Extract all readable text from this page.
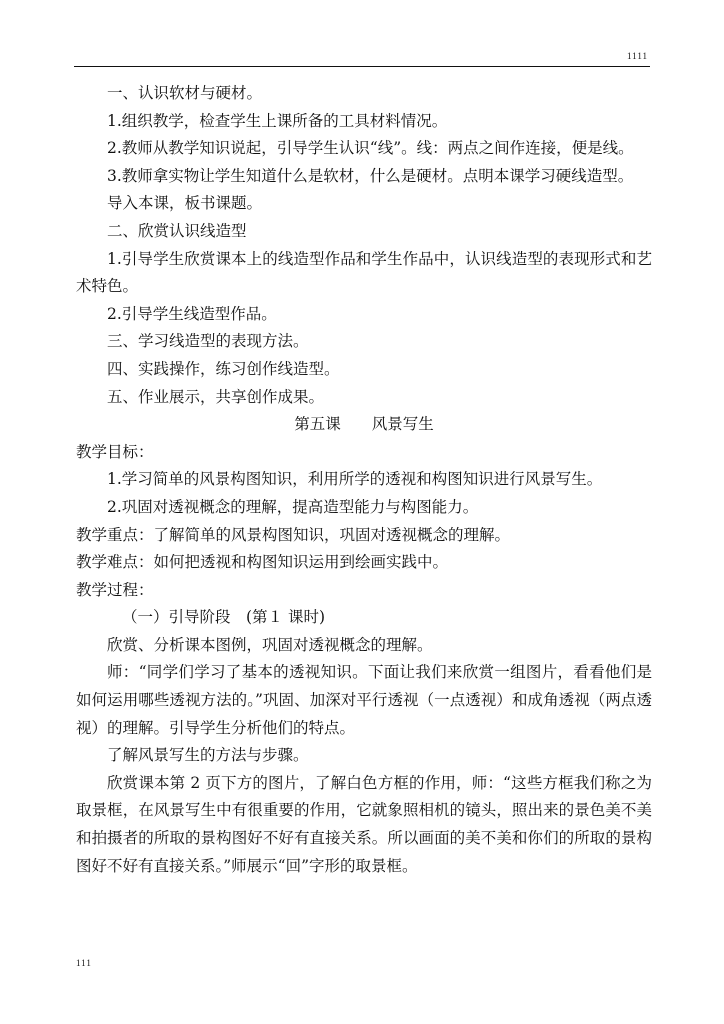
1111

一、认识软材与硬材。

1.组织教学，检查学生上课所备的工具材料情况。

2.教师从教学知识说起，引导学生认识“线”。线：两点之间作连接，便是线。

3.教师拿实物让学生知道什么是软材，什么是硬材。点明本课学习硬线造型。

导入本课，板书课题。

二、欣赏认识线造型

1.引导学生欣赏课本上的线造型作品和学生作品中，认识线造型的表现形式和艺术特色。

2.引导学生线造型作品。

三、学习线造型的表现方法。

四、实践操作，练习创作线造型。

五、作业展示，共享创作成果。

第五课　　风景写生

教学目标：

1.学习简单的风景构图知识，利用所学的透视和构图知识进行风景写生。

2.巩固对透视概念的理解，提高造型能力与构图能力。

教学重点：了解简单的风景构图知识，巩固对透视概念的理解。

教学难点：如何把透视和构图知识运用到绘画实践中。

教学过程：

（一）引导阶段　(第１ 课时)

欣赏、分析课本图例，巩固对透视概念的理解。

师：“同学们学习了基本的透视知识。下面让我们来欣赏一组图片，看看他们是如何运用哪些透视方法的。”巩固、加深对平行透视（一点透视）和成角透视（两点透视）的理解。引导学生分析他们的特点。

了解风景写生的方法与步骤。

欣赏课本第 2 页下方的图片，了解白色方框的作用，师：“这些方框我们称之为取景框，在风景写生中有很重要的作用，它就象照相机的镜头，照出来的景色美不美和拍摄者的所取的景构图好不好有直接关系。所以画面的美不美和你们的所取的景构图好不好有直接关系。”师展示“回”字形的取景框。

111
